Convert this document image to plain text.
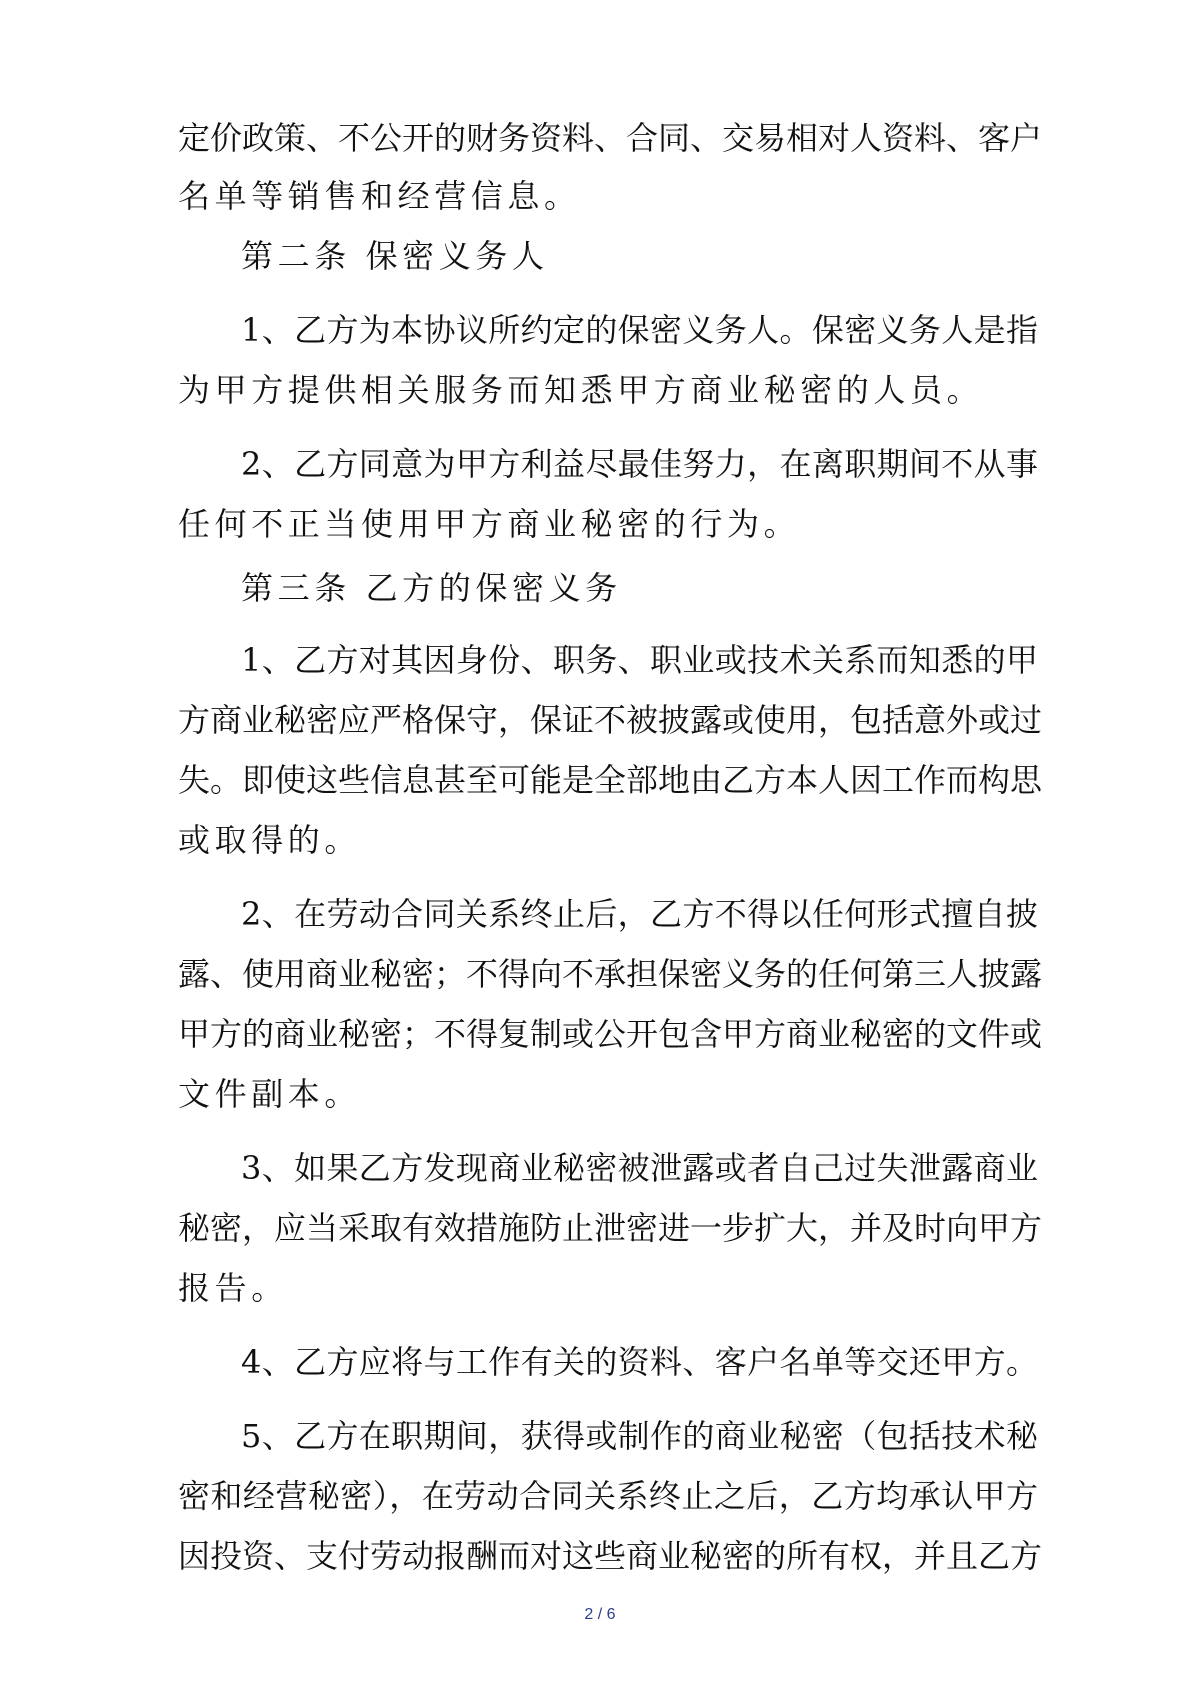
定价政策、不公开的财务资料、合同、交易相对人资料、客户
名单等销售和经营信息。
第二条 保密义务人
1、乙方为本协议所约定的保密义务人。保密义务人是指
为甲方提供相关服务而知悉甲方商业秘密的人员。
2、乙方同意为甲方利益尽最佳努力，在离职期间不从事
任何不正当使用甲方商业秘密的行为。
第三条 乙方的保密义务
1、乙方对其因身份、职务、职业或技术关系而知悉的甲
方商业秘密应严格保守，保证不被披露或使用，包括意外或过
失。即使这些信息甚至可能是全部地由乙方本人因工作而构思
或取得的。
2、在劳动合同关系终止后，乙方不得以任何形式擅自披
露、使用商业秘密；不得向不承担保密义务的任何第三人披露
甲方的商业秘密；不得复制或公开包含甲方商业秘密的文件或
文件副本。
3、如果乙方发现商业秘密被泄露或者自己过失泄露商业
秘密，应当采取有效措施防止泄密进一步扩大，并及时向甲方
报告。
4、乙方应将与工作有关的资料、客户名单等交还甲方。
5、乙方在职期间，获得或制作的商业秘密（包括技术秘
密和经营秘密），在劳动合同关系终止之后，乙方均承认甲方
因投资、支付劳动报酬而对这些商业秘密的所有权，并且乙方
2 / 6
